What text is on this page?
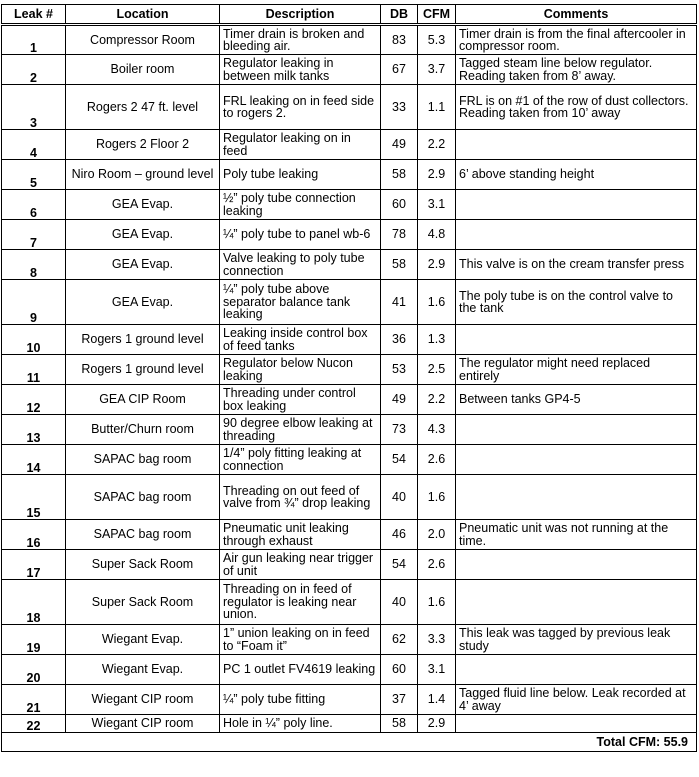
Leak #	Location	Description	DB	CFM	Comments
1	Compressor Room	Timer drain is broken and bleeding air.	83	5.3	Timer drain is from the final aftercooler in compressor room.
2	Boiler room	Regulator leaking in between milk tanks	67	3.7	Tagged steam line below regulator. Reading taken from 8’ away.
3	Rogers 2 47 ft. level	FRL leaking on in feed side to rogers 2.	33	1.1	FRL is on #1 of the row of dust collectors. Reading taken from 10’ away
4	Rogers 2 Floor 2	Regulator leaking on in feed	49	2.2	
5	Niro Room – ground level	Poly tube leaking	58	2.9	6’ above standing height
6	GEA Evap.	½” poly tube connection leaking	60	3.1	
7	GEA Evap.	¼” poly tube to panel wb-6	78	4.8	
8	GEA Evap.	Valve leaking to poly tube connection	58	2.9	This valve is on the cream transfer press
9	GEA Evap.	¼” poly tube above separator balance tank leaking	41	1.6	The poly tube is on the control valve to the tank
10	Rogers 1 ground level	Leaking inside control box of feed tanks	36	1.3	
11	Rogers 1 ground level	Regulator below Nucon leaking	53	2.5	The regulator might need replaced entirely
12	GEA CIP Room	Threading under control box leaking	49	2.2	Between tanks GP4-5
13	Butter/Churn room	90 degree elbow leaking at threading	73	4.3	
14	SAPAC bag room	1/4” poly fitting leaking at connection	54	2.6	
15	SAPAC bag room	Threading on out feed of valve from ¾” drop leaking	40	1.6	
16	SAPAC bag room	Pneumatic unit leaking through exhaust	46	2.0	Pneumatic unit was not running at the time.
17	Super Sack Room	Air gun leaking near trigger of unit	54	2.6	
18	Super Sack Room	Threading on in feed of regulator is leaking near union.	40	1.6	
19	Wiegant Evap.	1” union leaking on in feed to “Foam it”	62	3.3	This leak was tagged by previous leak study
20	Wiegant Evap.	PC 1 outlet FV4619 leaking	60	3.1	
21	Wiegant CIP room	¼” poly tube fitting	37	1.4	Tagged fluid line below. Leak recorded at 4’ away
22	Wiegant CIP room	Hole in ¼” poly line.	58	2.9	
					Total CFM: 55.9
